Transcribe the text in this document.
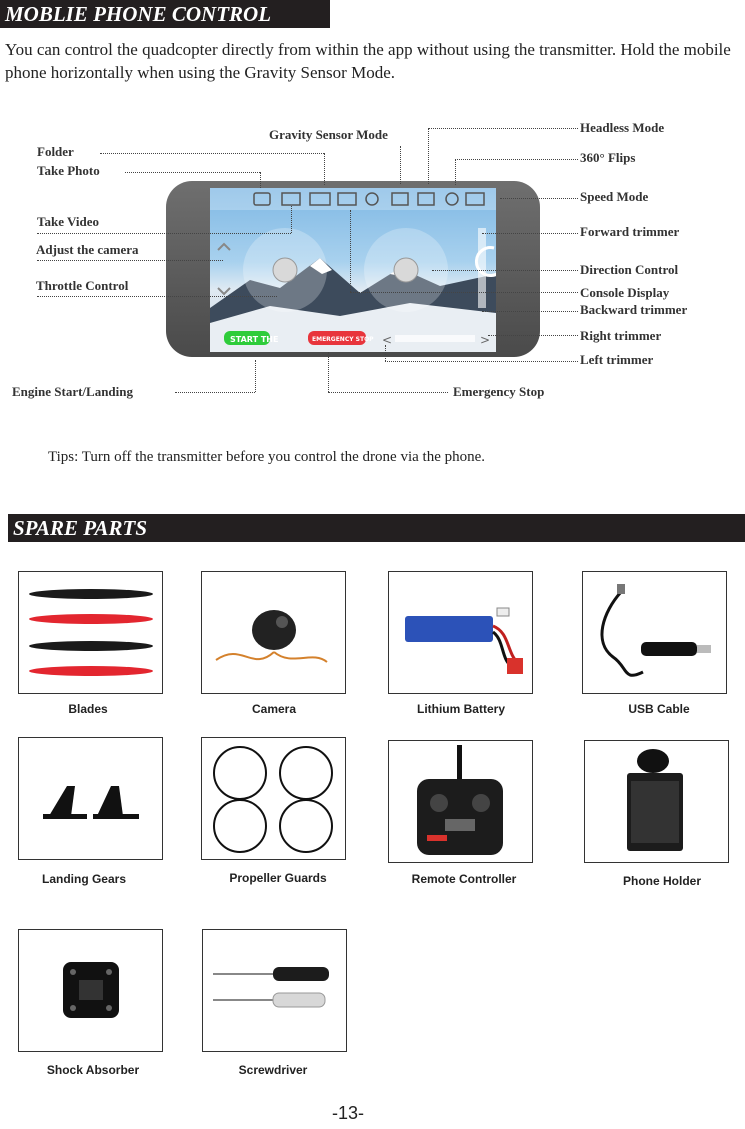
MOBLIE PHONE CONTROL

You can control the quadcopter directly from within the app without using the transmitter. Hold the mobile phone horizontally when using the Gravity Sensor Mode.

<	>
START THE	EMERGENCY STOP
Folder
Take Photo
Take Video
Adjust the camera
Throttle Control
Gravity Sensor Mode	Headless Mode
360° Flips
Speed Mode
Forward trimmer
Direction Control
Console Display
Backward trimmer
Right trimmer
Left trimmer
Engine Start/Landing	Emergency Stop

Tips: Turn off the transmitter before you control the drone via the phone.

SPARE PARTS
Blades	Camera	Lithium Battery	USB Cable
Landing Gears	Propeller Guards	Remote Controller	Phone Holder
Shock Absorber	Screwdriver
-13-
